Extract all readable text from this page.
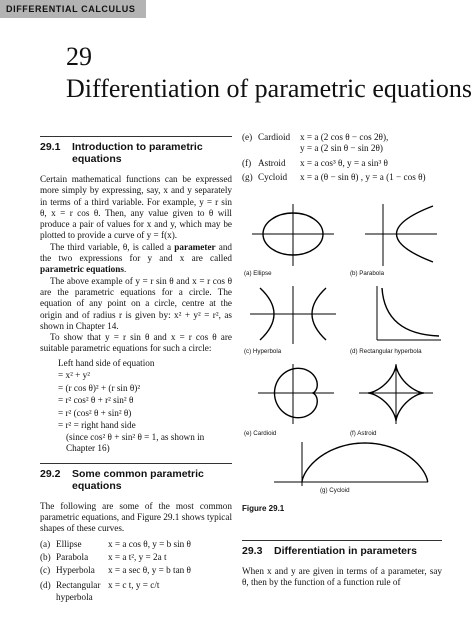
DIFFERENTIAL CALCULUS
29
Differentiation of parametric equations
29.1	Introduction to parametric
equations

Certain mathematical functions can be expressed more simply by expressing, say, x and y separately in terms of a third variable. For example, y = r sin θ, x = r cos θ. Then, any value given to θ will produce a pair of values for x and y, which may be plotted to provide a curve of y = f(x).

The third variable, θ, is called a parameter and the two expressions for y and x are called parametric equations.

The above example of y = r sin θ and x = r cos θ are the parametric equations for a circle. The equation of any point on a circle, centre at the origin and of radius r is given by: x² + y² = r², as shown in Chapter 14.

To show that y = r sin θ and x = r cos θ are suitable parametric equations for such a circle:

Left hand side of equation
= x² + y²
= (r cos θ)² + (r sin θ)²
= r² cos² θ + r² sin² θ
= r² (cos² θ + sin² θ)
= r² = right hand side
(since cos² θ + sin² θ = 1, as shown in
Chapter 16)
29.2	Some common parametric
equations

The following are some of the most common parametric equations, and Figure 29.1 shows typical shapes of these curves.

(a) Ellipse	x = a cos θ, y = b sin θ
(b) Parabola	x = a t², y = 2a t
(c) Hyperbola	x = a sec θ, y = b tan θ
(d) Rectangular x = c t, y = c/t
hyperbola
(e) Cardioid	x = a (2 cos θ − cos 2θ),
y = a (2 sin θ − sin 2θ)
(f) Astroid	x = a cos³ θ, y = a sin³ θ
(g) Cycloid	x = a (θ − sin θ) , y = a (1 − cos θ)
(a) Ellipse	(b) Parabola
(c) Hyperbola	(d) Rectangular hyperbola
(e) Cardioid	(f) Astroid
(g) Cycloid
Figure 29.1
29.3	Differentiation in parameters

When x and y are given in terms of a parameter, say θ, then by the function of a function rule of
